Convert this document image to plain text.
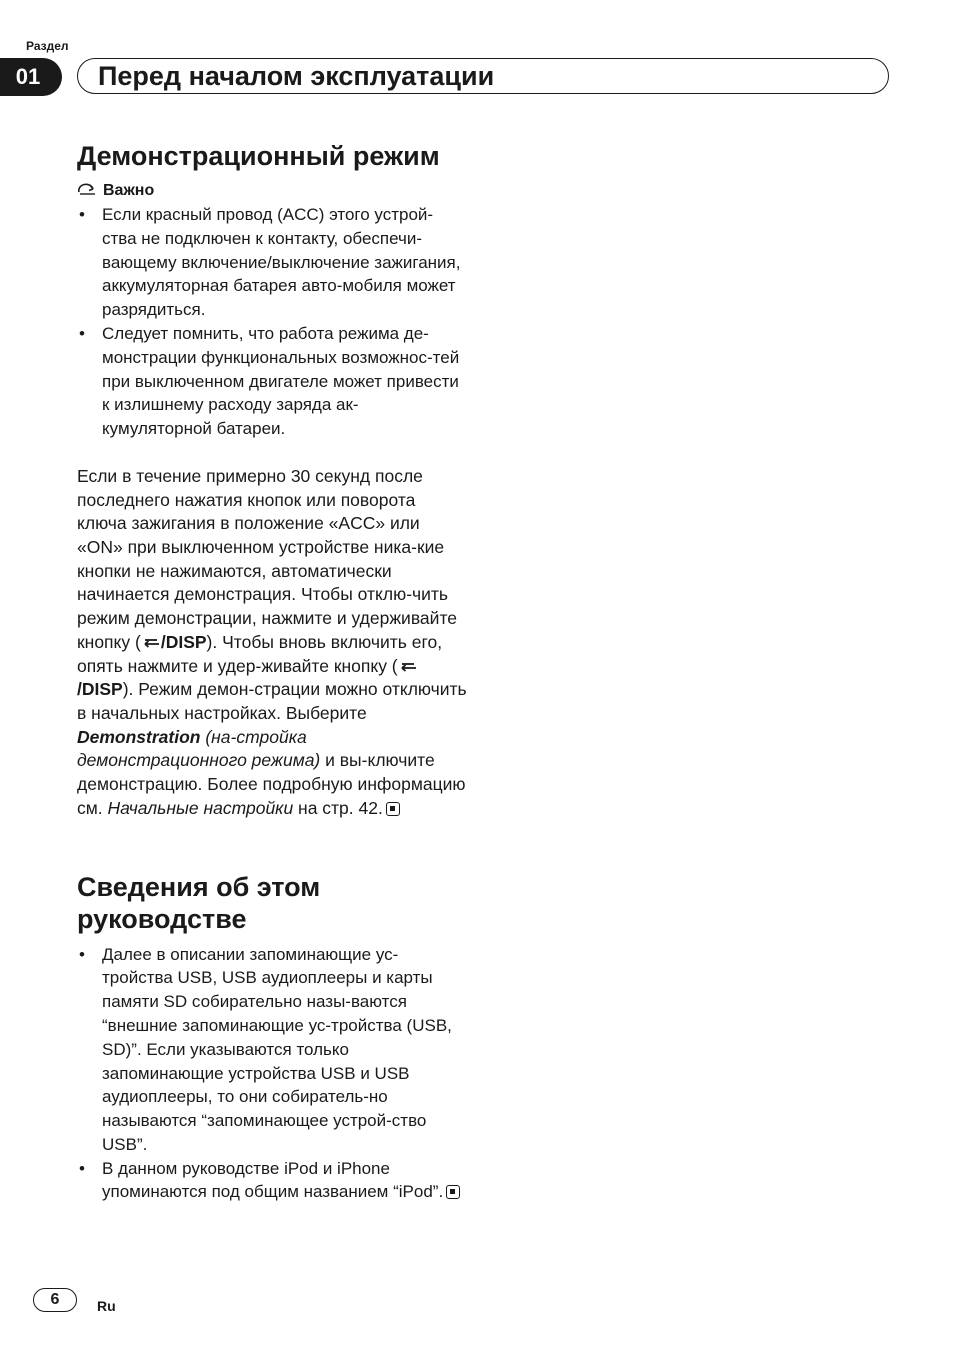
Раздел
01	Перед началом эксплуатации
Демонстрационный режим
Важно
• Если красный провод (ACC) этого устрой-ства не подключен к контакту, обеспечи-вающему включение/выключение зажигания, аккумуляторная батарея авто-мобиля может разрядиться.
• Следует помнить, что работа режима де-монстрации функциональных возможнос-тей при выключенном двигателе может привести к излишнему расходу заряда ак-кумуляторной батареи.
Если в течение примерно 30 секунд после последнего нажатия кнопок или поворота ключа зажигания в положение «ACC» или «ON» при выключенном устройстве ника-кие кнопки не нажимаются, автоматически начинается демонстрация. Чтобы отклю-чить режим демонстрации, нажмите и удерживайте кнопку ( /DISP). Чтобы вновь включить его, опять нажмите и удер-живайте кнопку (/DISP). Режим демон-страции можно отключить в начальных настройках. Выберите Demonstration (на-стройка демонстрационного режима) и вы-ключите демонстрацию. Более подробную информацию см. Начальные настройки на стр. 42.
Сведения об этом руководстве
• Далее в описании запоминающие ус-тройства USB, USB аудиоплееры и карты памяти SD собирательно назы-ваются “внешние запоминающие ус-тройства (USB, SD)”. Если указываются только запоминающие устройства USB и USB аудиоплееры, то они собиратель-но называются “запоминающее устрой-ство USB”.
• В данном руководстве iPod и iPhone упоминаются под общим названием “iPod”.
6	Ru
